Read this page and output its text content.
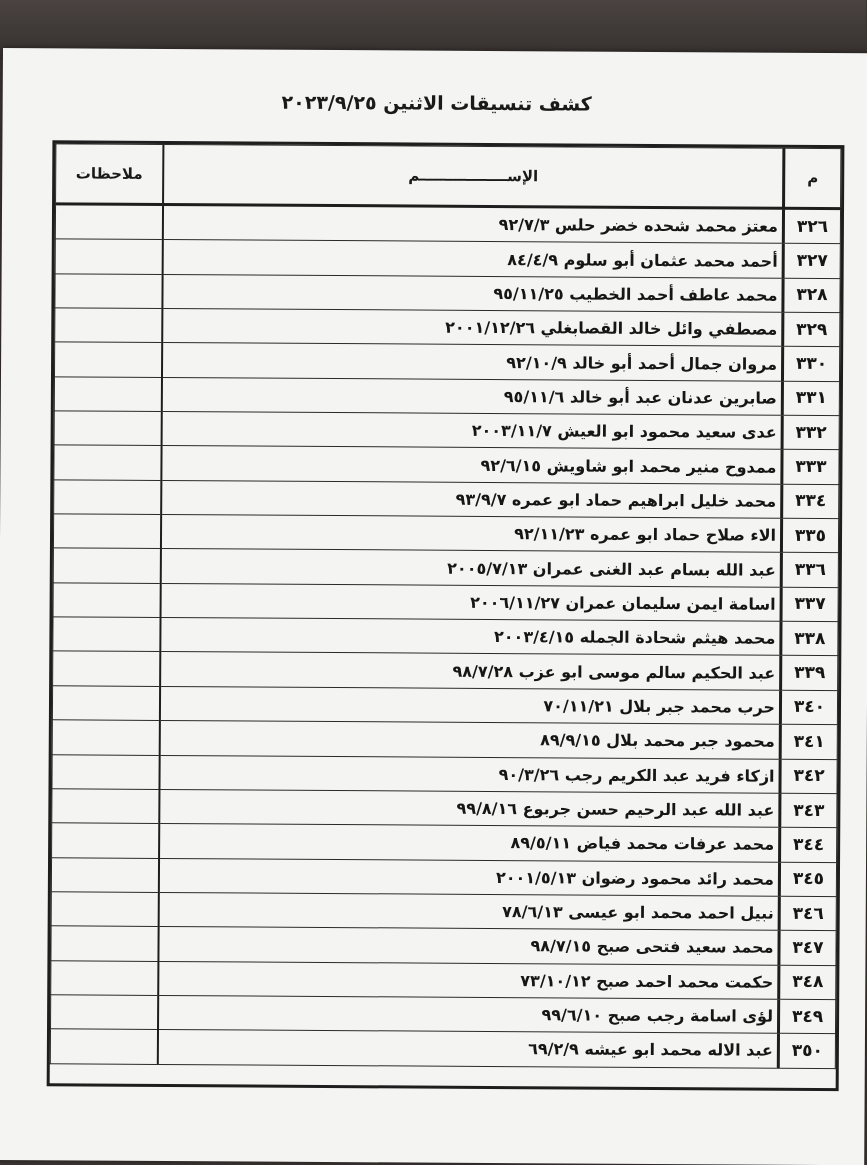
كشف تنسيقات الاثنين ٢٠٢٣/٩/٢٥
م	الإســـــــــــــــــم	ملاحظات
٣٢٦	معتز محمد شحده خضر حلس ٩٢/٧/٣	
٣٢٧	أحمد محمد عثمان أبو سلوم ٨٤/٤/٩	
٣٢٨	محمد عاطف أحمد الخطيب ٩٥/١١/٢٥	
٣٢٩	مصطفي وائل خالد القصابغلي ٢٠٠١/١٢/٢٦	
٣٣٠	مروان جمال أحمد أبو خالد ٩٢/١٠/٩	
٣٣١	صابرين عدنان عبد أبو خالد ٩٥/١١/٦	
٣٣٢	عدى سعيد محمود ابو العيش ٢٠٠٣/١١/٧	
٣٣٣	ممدوح منير محمد ابو شاويش ٩٢/٦/١٥	
٣٣٤	محمد خليل ابراهيم حماد ابو عمره ٩٣/٩/٧	
٣٣٥	الاء صلاح حماد ابو عمره ٩٢/١١/٢٣	
٣٣٦	عبد الله بسام عبد الغنى عمران ٢٠٠٥/٧/١٣	
٣٣٧	اسامة ايمن سليمان عمران ٢٠٠٦/١١/٢٧	
٣٣٨	محمد هيثم شحادة الجمله ٢٠٠٣/٤/١٥	
٣٣٩	عبد الحكيم سالم موسى ابو عزب ٩٨/٧/٢٨	
٣٤٠	حرب محمد جبر بلال ٧٠/١١/٢١	
٣٤١	محمود جبر محمد بلال ٨٩/٩/١٥	
٣٤٢	ازكاء فريد عبد الكريم رجب ٩٠/٣/٢٦	
٣٤٣	عبد الله عبد الرحيم حسن جربوع ٩٩/٨/١٦	
٣٤٤	محمد عرفات محمد فياض ٨٩/٥/١١	
٣٤٥	محمد رائد محمود رضوان ٢٠٠١/٥/١٣	
٣٤٦	نبيل احمد محمد ابو عيسى ٧٨/٦/١٣	
٣٤٧	محمد سعيد فتحى صبح ٩٨/٧/١٥	
٣٤٨	حكمت محمد احمد صبح ٧٣/١٠/١٢	
٣٤٩	لؤى اسامة رجب صبح ٩٩/٦/١٠	
٣٥٠	عبد الاله محمد ابو عيشه ٦٩/٢/٩	
